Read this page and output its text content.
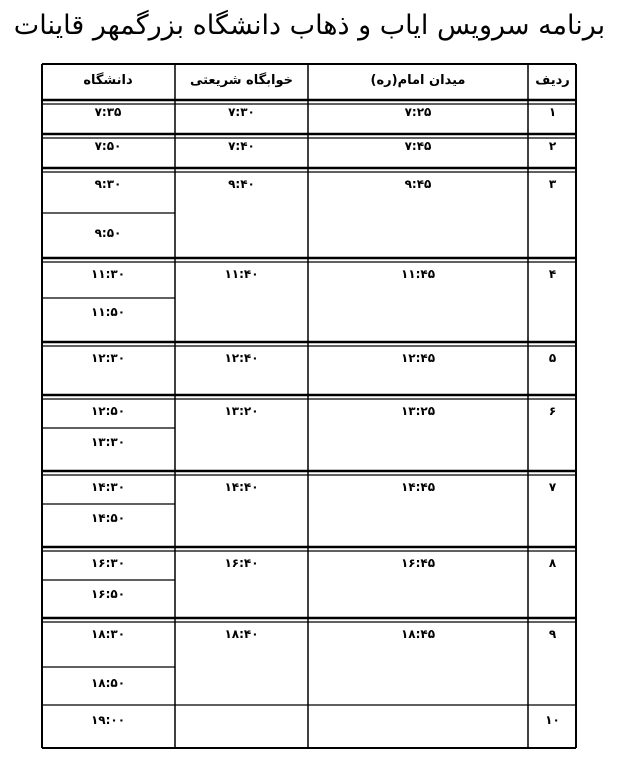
برنامه سرویس ایاب و ذهاب دانشگاه بزرگمهر قاینات
ردیف
میدان امام(ره)
خوابگاه شریعتی
دانشگاه
۱
۷:۲۵
۷:۳۰
۷:۳۵
۲
۷:۴۵
۷:۴۰
۷:۵۰
۳
۹:۴۵
۹:۴۰
۹:۳۰
۹:۵۰
۴
۱۱:۴۵
۱۱:۴۰
۱۱:۳۰
۱۱:۵۰
۵
۱۲:۴۵
۱۲:۴۰
۱۲:۳۰
۶
۱۳:۲۵
۱۳:۲۰
۱۲:۵۰
۱۳:۳۰
۷
۱۴:۴۵
۱۴:۴۰
۱۴:۳۰
۱۴:۵۰
۸
۱۶:۴۵
۱۶:۴۰
۱۶:۳۰
۱۶:۵۰
۹
۱۸:۴۵
۱۸:۴۰
۱۸:۳۰
۱۸:۵۰
۱۰
۱۹:۰۰
